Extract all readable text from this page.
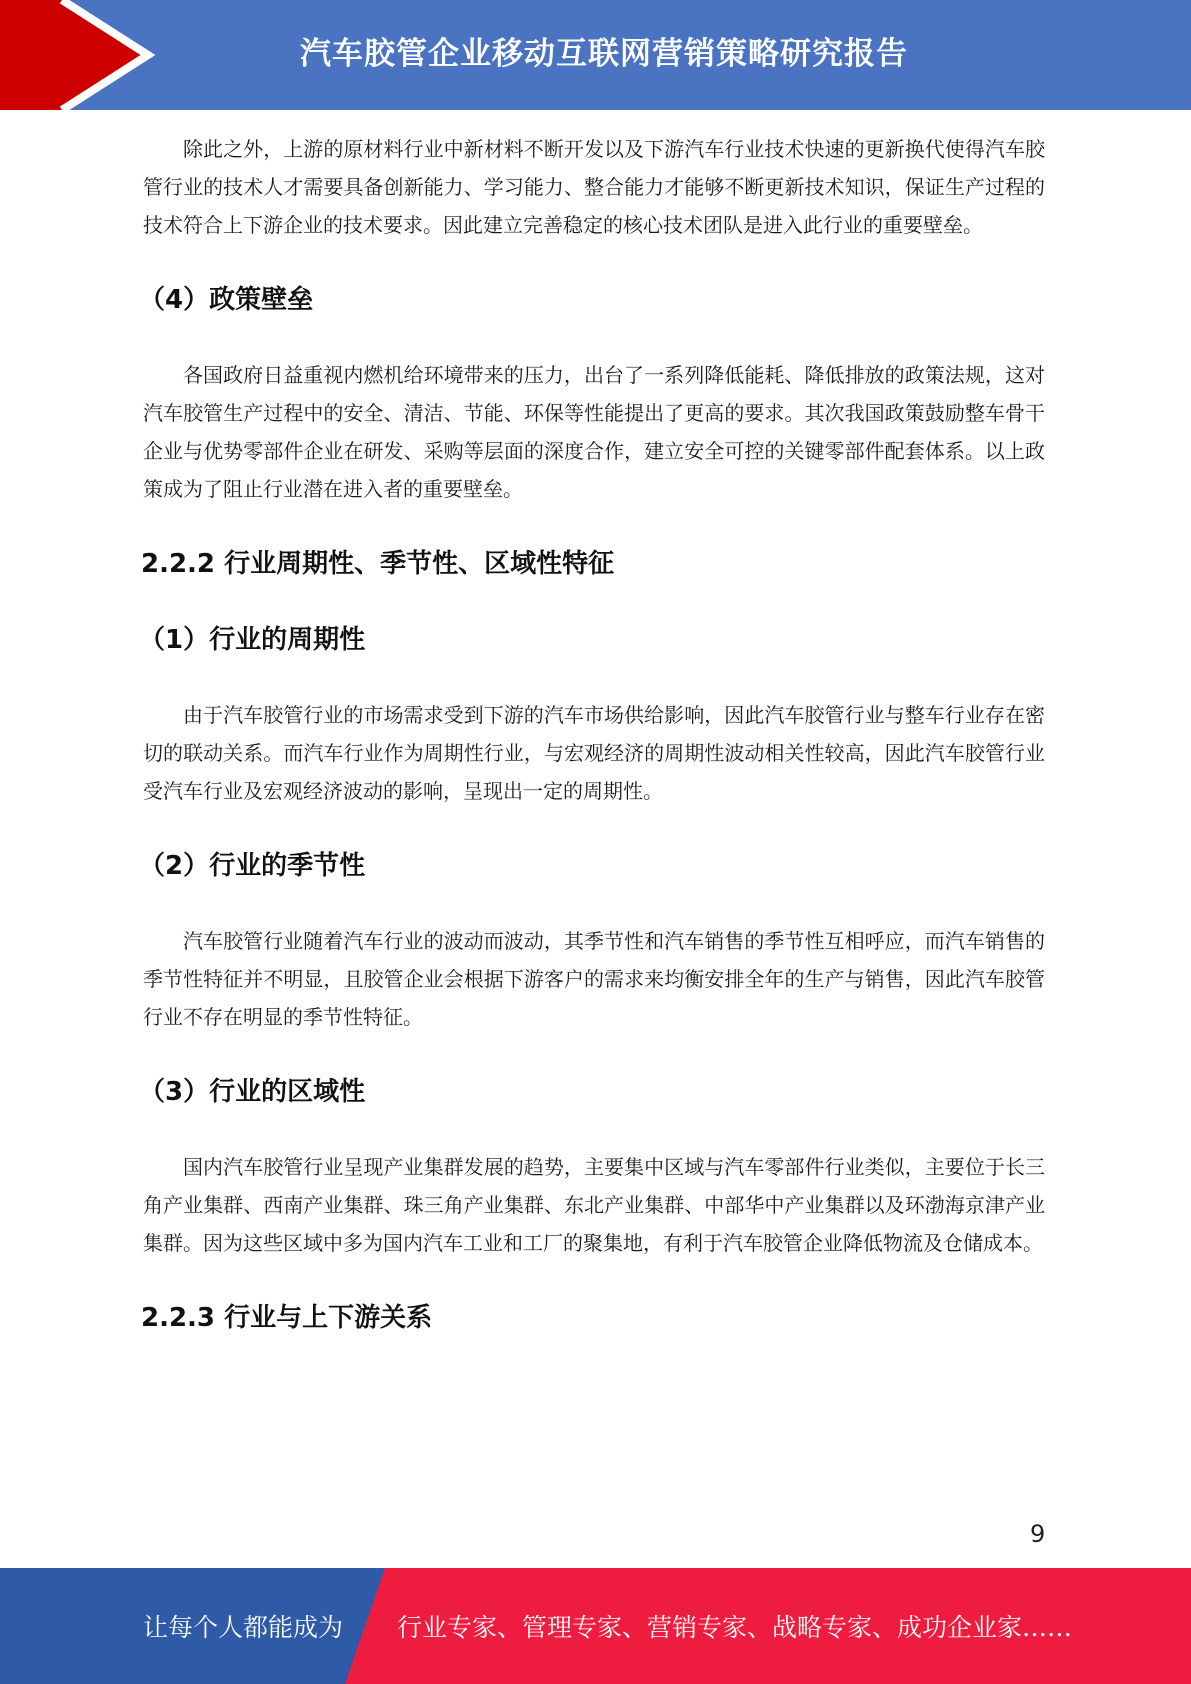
汽车胶管企业移动互联网营销策略研究报告

除此之外，上游的原材料行业中新材料不断开发以及下游汽车行业技术快速的更新换代使得汽车胶管行业的技术人才需要具备创新能力、学习能力、整合能力才能够不断更新技术知识，保证生产过程的技术符合上下游企业的技术要求。因此建立完善稳定的核心技术团队是进入此行业的重要壁垒。

（4）政策壁垒

各国政府日益重视内燃机给环境带来的压力，出台了一系列降低能耗、降低排放的政策法规，这对汽车胶管生产过程中的安全、清洁、节能、环保等性能提出了更高的要求。其次我国政策鼓励整车骨干企业与优势零部件企业在研发、采购等层面的深度合作，建立安全可控的关键零部件配套体系。以上政策成为了阻止行业潜在进入者的重要壁垒。

2.2.2 行业周期性、季节性、区域性特征
（1）行业的周期性

由于汽车胶管行业的市场需求受到下游的汽车市场供给影响，因此汽车胶管行业与整车行业存在密切的联动关系。而汽车行业作为周期性行业，与宏观经济的周期性波动相关性较高，因此汽车胶管行业受汽车行业及宏观经济波动的影响，呈现出一定的周期性。

（2）行业的季节性

汽车胶管行业随着汽车行业的波动而波动，其季节性和汽车销售的季节性互相呼应，而汽车销售的季节性特征并不明显，且胶管企业会根据下游客户的需求来均衡安排全年的生产与销售，因此汽车胶管行业不存在明显的季节性特征。

（3）行业的区域性

国内汽车胶管行业呈现产业集群发展的趋势，主要集中区域与汽车零部件行业类似，主要位于长三角产业集群、西南产业集群、珠三角产业集群、东北产业集群、中部华中产业集群以及环渤海京津产业集群。因为这些区域中多为国内汽车工业和工厂的聚集地，有利于汽车胶管企业降低物流及仓储成本。

2.2.3 行业与上下游关系
9
让每个人都能成为 行业专家、管理专家、营销专家、战略专家、成功企业家……
